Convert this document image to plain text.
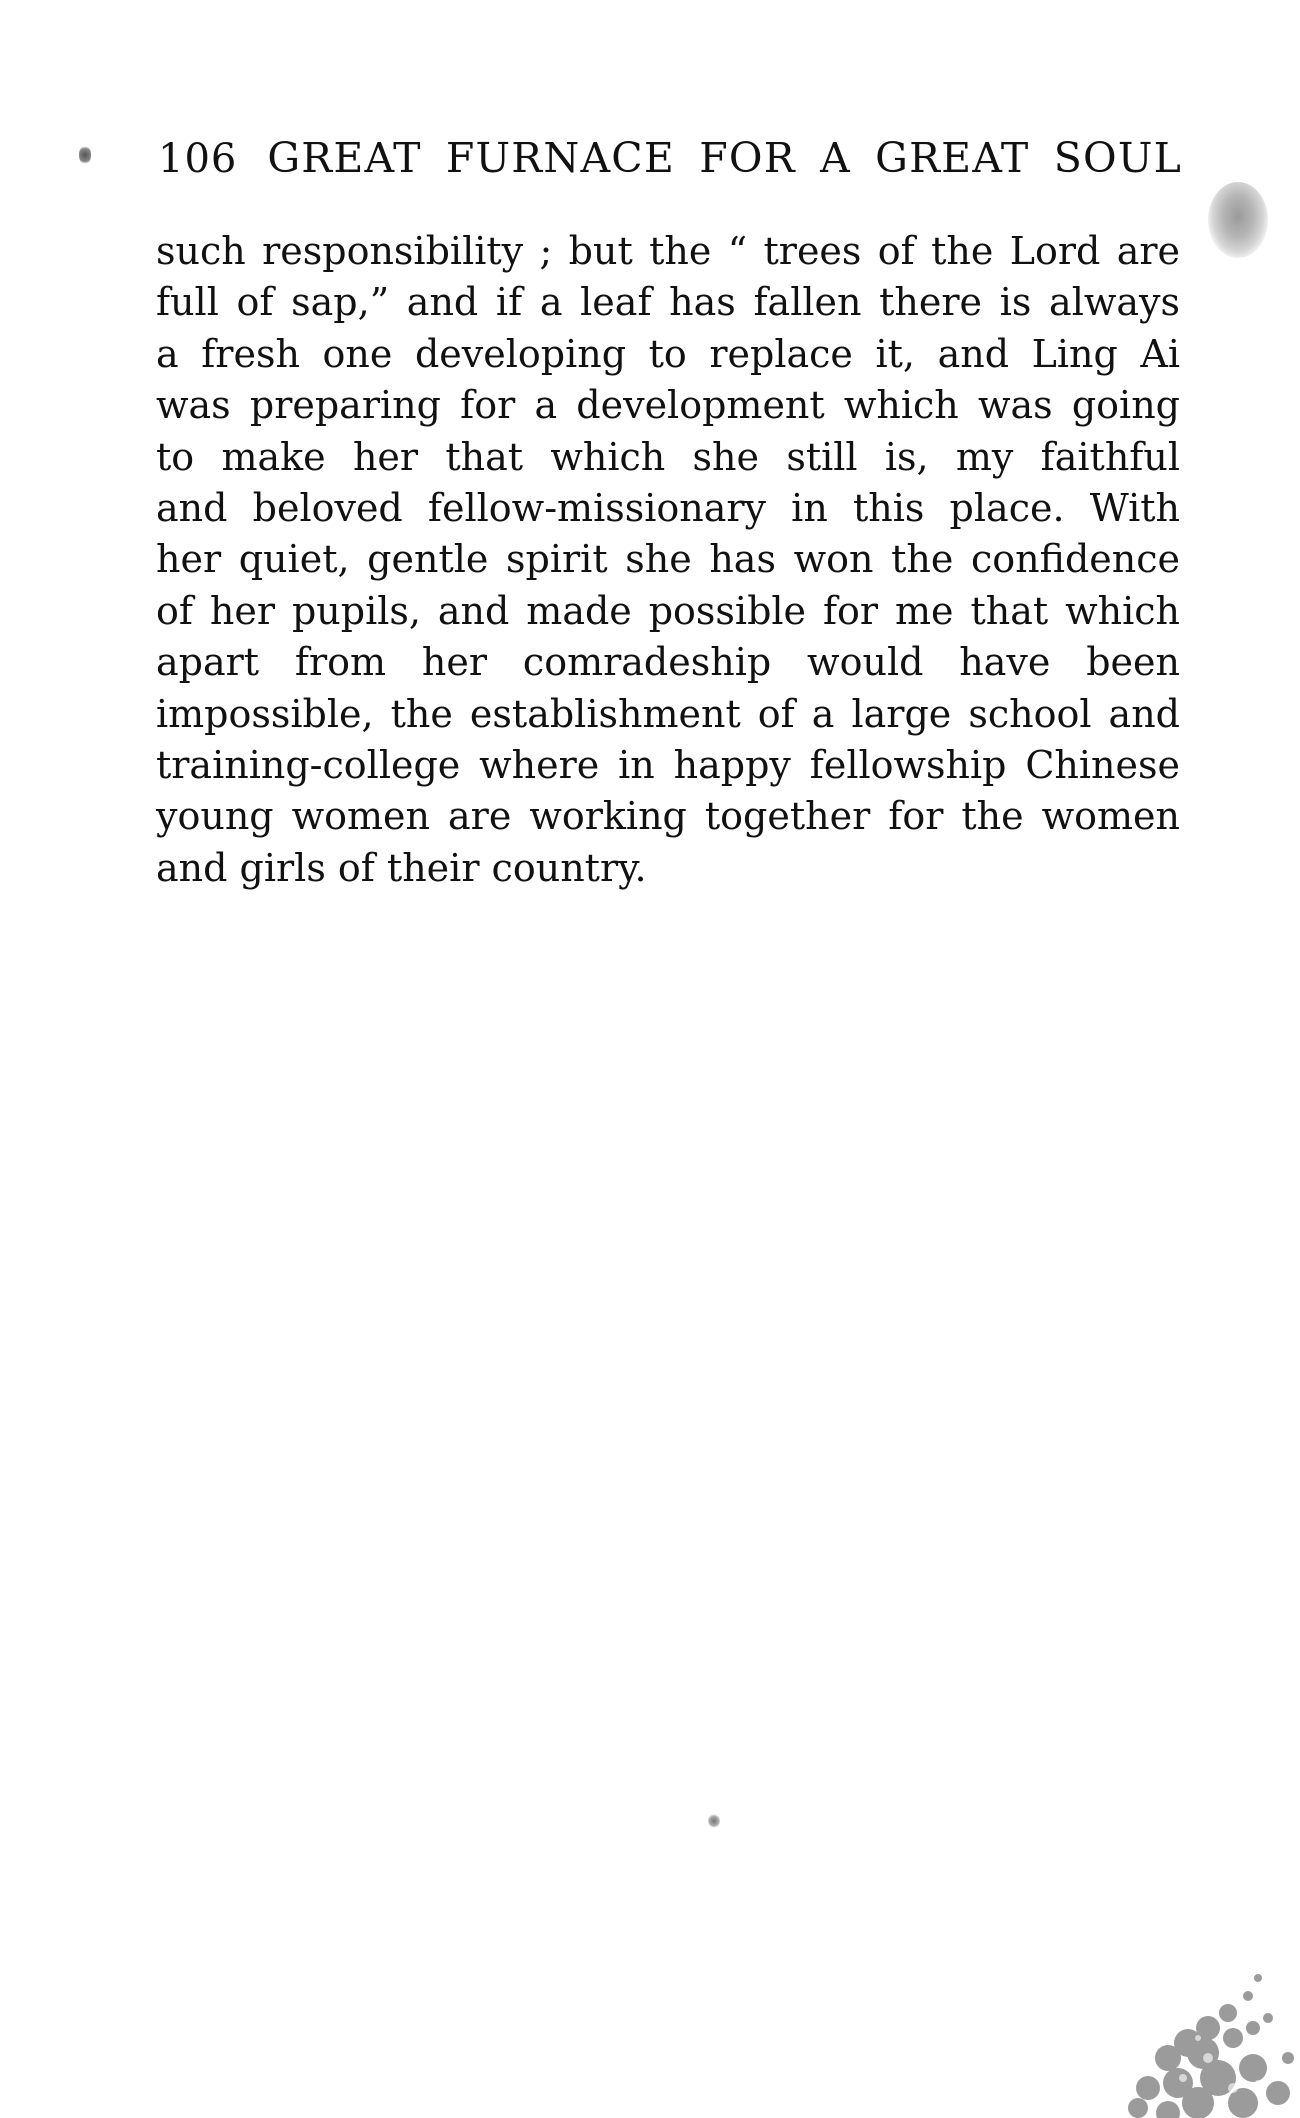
106 GREAT FURNACE FOR A GREAT SOUL
such responsibility ; but the “ trees of the Lord are
full of sap,” and if a leaf has fallen there is always
a fresh one developing to replace it, and Ling Ai
was preparing for a development which was going
to make her that which she still is, my faithful
and beloved fellow-missionary in this place. With
her quiet, gentle spirit she has won the confidence
of her pupils, and made possible for me that which
apart from her comradeship would have been
impossible, the establishment of a large school and
training-college where in happy fellowship Chinese
young women are working together for the women
and girls of their country.
